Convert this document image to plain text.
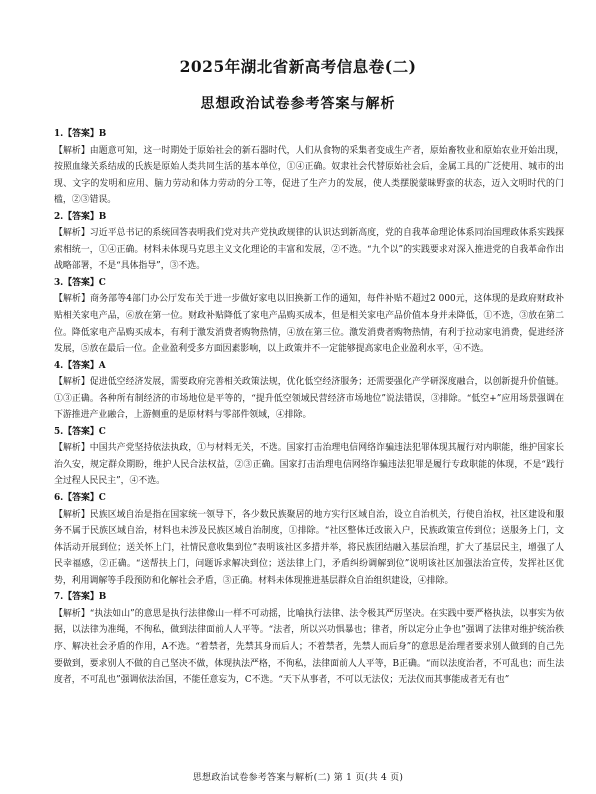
2025年湖北省新高考信息卷(二)
思想政治试卷参考答案与解析
1.【答案】B
【解析】由题意可知，这一时期处于原始社会的新石器时代，人们从食物的采集者变成生产者，原始畜牧业和原始农业开始出现，按照血缘关系结成的氏族是原始人类共同生活的基本单位，①④正确。奴隶社会代替原始社会后，金属工具的广泛使用、城市的出现、文字的发明和应用、脑力劳动和体力劳动的分工等，促进了生产力的发展，使人类摆脱蒙昧野蛮的状态，迈入文明时代的门槛，②③错误。
2.【答案】B
【解析】习近平总书记的系统回答表明我们党对共产党执政规律的认识达到新高度，党的自我革命理论体系同治国理政体系实践探索相统一，①④正确。材料未体现马克思主义文化理论的丰富和发展，②不选。“九个以”的实践要求对深入推进党的自我革命作出战略部署，不是“具体指导”，③不选。
3.【答案】C
【解析】商务部等4部门办公厅发布关于进一步做好家电以旧换新工作的通知，每件补贴不超过2 000元，这体现的是政府财政补贴相关家电产品，⑥放在第一位。财政补贴降低了家电产品购买成本，但是相关家电产品价值本身并未降低，①不选，③放在第二位。降低家电产品购买成本，有利于激发消费者购物热情，④放在第三位。激发消费者购物热情，有利于拉动家电消费，促进经济发展，⑤放在最后一位。企业盈利受多方面因素影响，以上政策并不一定能够提高家电企业盈利水平，④不选。
4.【答案】A
【解析】促进低空经济发展，需要政府完善相关政策法规，优化低空经济服务；还需要强化产学研深度融合，以创新提升价值链。①③正确。各种所有制经济的市场地位是平等的，“提升低空领域民营经济市场地位”说法错误，③排除。“低空+”应用场景强调在下游推进产业融合，上游侧重的是原材料与零部件领域，④排除。
5.【答案】C
【解析】中国共产党坚持依法执政，①与材料无关，不选。国家打击治理电信网络诈骗违法犯罪体现其履行对内职能，维护国家长治久安，规定群众期盼，维护人民合法权益，②③正确。国家打击治理电信网络诈骗违法犯罪是履行专政职能的体现，不是“践行全过程人民民主”，④不选。
6.【答案】C
【解析】民族区域自治是指在国家统一领导下，各少数民族聚居的地方实行区域自治，设立自治机关，行使自治权，社区建设和服务不属于民族区域自治，材料也未涉及民族区域自治制度，①排除。“社区整体迁改嵌入户，民族政策宣传到位；送服务上门，文体活动开展到位；送关怀上门，社情民意收集到位”表明该社区多措并举，将民族团结融入基层治理，扩大了基层民主，增强了人民幸福感，②正确。“送帮扶上门，问题诉求解决到位；送法律上门，矛盾纠纷调解到位”说明该社区加强法治宣传，发挥社区优势，利用调解等手段预防和化解社会矛盾，③正确。材料未体现推进基层群众自治组织建设，④排除。
7.【答案】B
【解析】“执法如山”的意思是执行法律像山一样不可动摇，比喻执行法律、法令极其严厉坚决。在实践中要严格执法，以事实为依据，以法律为准绳，不徇私，做到法律面前人人平等。“法者，所以兴功惧暴也；律者，所以定分止争也”强调了法律对维护统治秩序、解决社会矛盾的作用，A不选。“着禁者，先禁其身而后人；不着禁者，先禁人而后身”的意思是治理者要求别人做到的自己先要做到，要求别人不做的自己坚决不做，体现执法严格，不徇私，法律面前人人平等，B正确。“而以法度治者，不可乱也；而生法度者，不可乱也”强调依法治国，不能任意妄为，C不选。“天下从事者，不可以无法仪；无法仪而其事能成者无有也”
思想政治试卷参考答案与解析(二) 第 1 页(共 4 页)
